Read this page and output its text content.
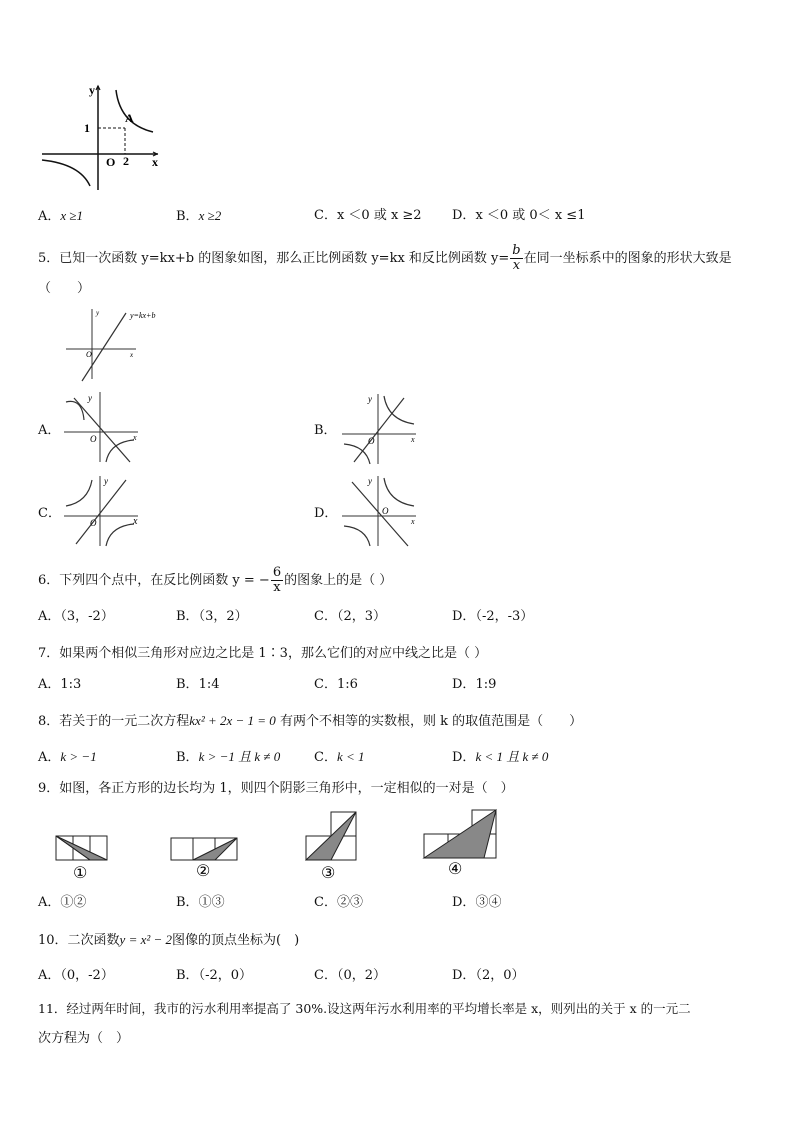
y
x
1
2
O
A
A．x ≥1	B．x ≥2	C．x ＜0 或 x ≥2 D．x ＜0 或 0＜ x ≤1
5．已知一次函数 y=kx+b 的图象如图，那么正比例函数 y=kx 和反比例函数 $y= \frac{b}{x}$ 在同一坐标系中的图象的形状大致是
（　　）
y=kx+b
O	x
y
A．
O	x
y
B．
O	x
y
C．
O	x
y
D．	O
x
y
6．下列四个点中，在反比例函数 y = − $\frac{6}{x}$ 的图象上的是（ ）
A．（3，-2）	B．（3，2）	C．（2，3）	D．（-2，-3）
7．如果两个相似三角形对应边之比是 1∶3，那么它们的对应中线之比是（ ）
A．1:3	B．1:4	C．1:6	D．1:9
8．若关于的一元二次方程kx² + 2x − 1 = 0 有两个不相等的实数根，则 k 的取值范围是（　　）
A．k > −1	B．k > −1 且 k ≠ 0	C．k < 1	D．k < 1 且 k ≠ 0
9．如图，各正方形的边长均为 1，则四个阴影三角形中，一定相似的一对是（　）
①	②	③	④
A．①②	B．①③	C．②③	D．③④
10．二次函数y = x² − 2图像的顶点坐标为(　)
A．（0，-2）	B．（-2，0）	C．（0，2）	D．（2，0）
11．经过两年时间，我市的污水利用率提高了 30%.设这两年污水利用率的平均增长率是 x，则列出的关于 x 的一元二
次方程为（　）
